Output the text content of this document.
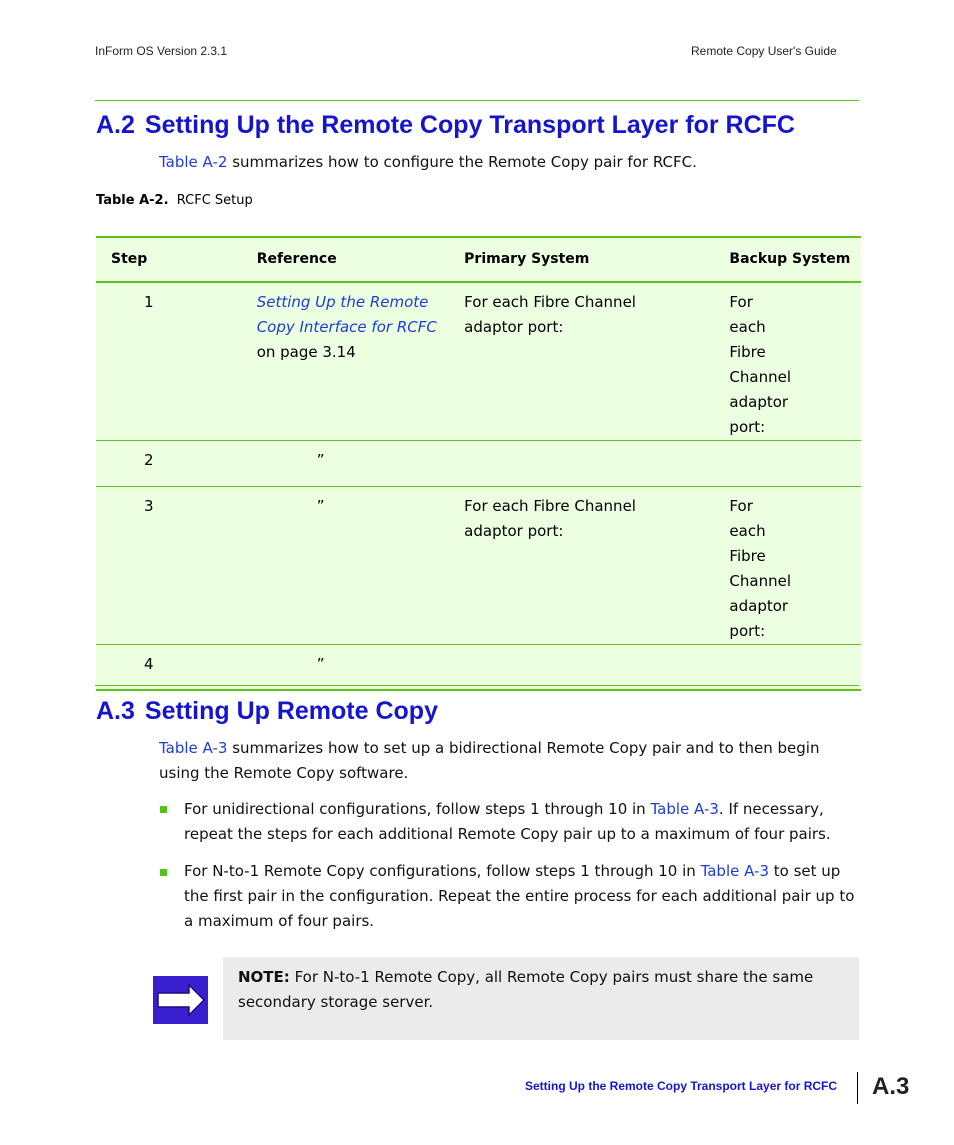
InForm OS Version 2.3.1	Remote Copy User's Guide
A.2 Setting Up the Remote Copy Transport Layer for RCFC
Table A-2 summarizes how to configure the Remote Copy pair for RCFC.
Table A-2. RCFC Setup
Step	Reference	Primary System	Backup System
1	Setting Up the Remote Copy Interface for RCFC on page 3.14	For each Fibre Channel adaptor port:	For each Fibre Channel adaptor port:
2	”		
3	”	For each Fibre Channel adaptor port:	For each Fibre Channel adaptor port:
4	”		
A.3 Setting Up Remote Copy
Table A-3 summarizes how to set up a bidirectional Remote Copy pair and to then begin using the Remote Copy software.
For unidirectional configurations, follow steps 1 through 10 in Table A-3. If necessary, repeat the steps for each additional Remote Copy pair up to a maximum of four pairs.
For N-to-1 Remote Copy configurations, follow steps 1 through 10 in Table A-3 to set up the first pair in the configuration. Repeat the entire process for each additional pair up to a maximum of four pairs.
NOTE: For N-to-1 Remote Copy, all Remote Copy pairs must share the same secondary storage server.
Setting Up the Remote Copy Transport Layer for RCFC A.3
